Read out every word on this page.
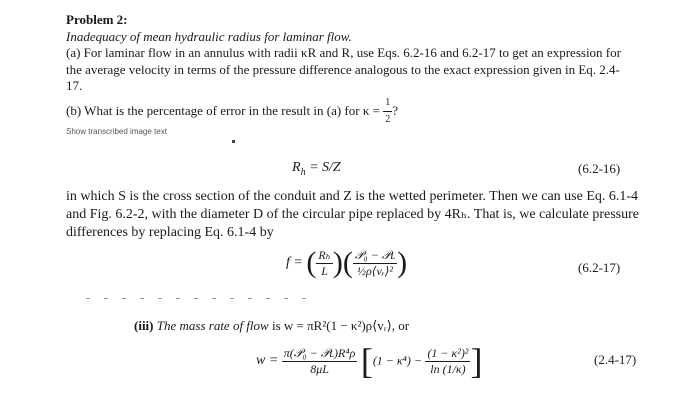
Problem 2:

Inadequacy of mean hydraulic radius for laminar flow.

(a) For laminar flow in an annulus with radii κR and R, use Eqs. 6.2-16 and 6.2-17 to get an expression for the average velocity in terms of the pressure difference analogous to the exact expression given in Eq. 2.4-17.

(b) What is the percentage of error in the result in (a) for $\kappa = \frac{1}{2}$ ?

Show transcribed image text
$R_h = S/Z$	(6.2-16)

in which S is the cross section of the conduit and Z is the wetted perimeter. Then we can use Eq. 6.1-4 and Fig. 6.2-2, with the diameter D of the circular pipe replaced by 4Rₕ. That is, we calculate pressure differences by replacing Eq. 6.1-4 by

f = ( $\frac{\text{Rₕ}}{L}$ )( $\frac{\text{𝒫₀ − 𝒫ʟ}}{\text{½ρ⟨vᵣ⟩²}}$ )	(6.2-17)
(iii) The mass rate of flow is w = πR²(1 − κ²)ρ⟨vᵣ⟩, or
$w = \frac{\text{π(𝒫₀ − 𝒫ʟ)R⁴ρ}}{8\mu L} [(1 - \kappa^4) - \frac{\text{(1 − κ²)²}}{\ln (1/\kappa)}$ ]	(2.4-17)
